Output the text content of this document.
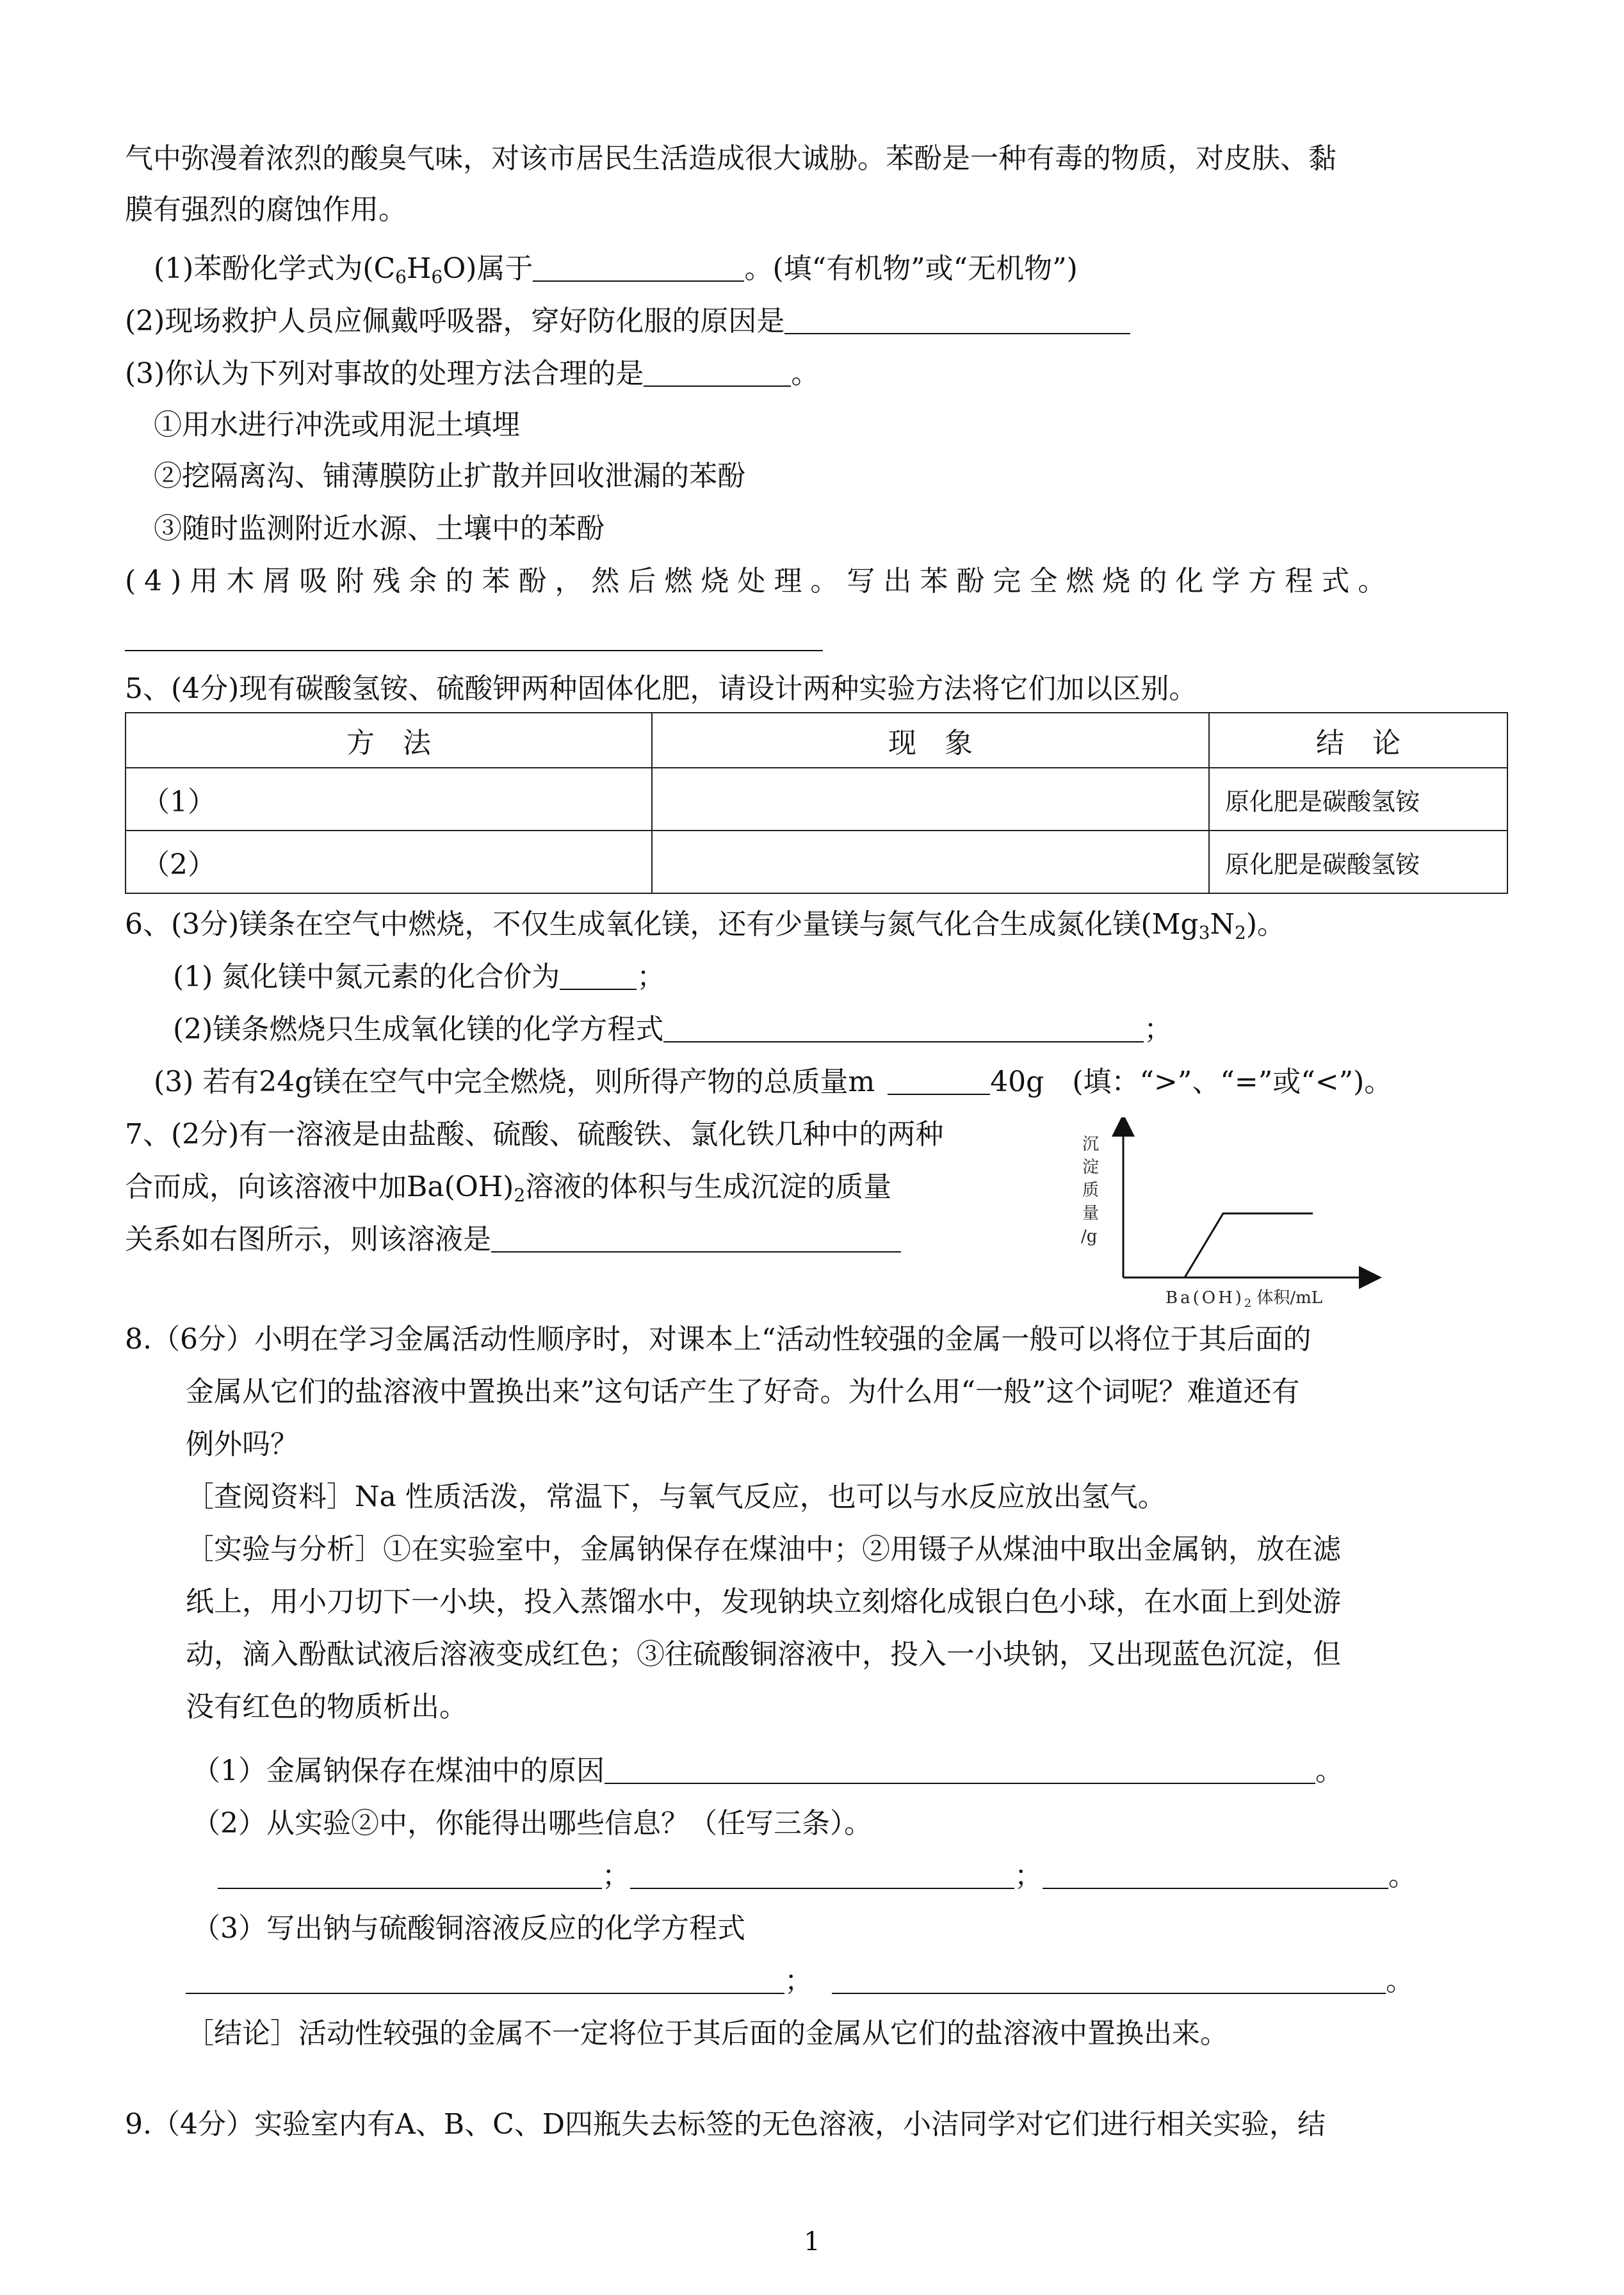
气中弥漫着浓烈的酸臭气味，对该市居民生活造成很大诚胁。苯酚是一种有毒的物质，对皮肤、黏
膜有强烈的腐蚀作用。
(1)苯酚化学式为$(C_6H_6O)$属于	。(填“有机物”或“无机物”)
(2)现场救护人员应佩戴呼吸器，穿好防化服的原因是
(3)你认为下列对事故的处理方法合理的是	。
①用水进行冲洗或用泥土填埋
②挖隔离沟、铺薄膜防止扩散并回收泄漏的苯酚
③随时监测附近水源、土壤中的苯酚
(4)用木屑吸附残余的苯酚，然后燃烧处理。写出苯酚完全燃烧的化学方程式。
5、(4分)现有碳酸氢铵、硫酸钾两种固体化肥，请设计两种实验方法将它们加以区别。
方　法	现　象	结　论
（1）		原化肥是碳酸氢铵
（2）		原化肥是碳酸氢铵
6、(3分)镁条在空气中燃烧，不仅生成氧化镁，还有少量镁与氮气化合生成氮化镁$(Mg_3N_2)$。
(1) 氮化镁中氮元素的化合价为	；
(2)镁条燃烧只生成氧化镁的化学方程式	；
(3) 若有24g镁在空气中完全燃烧，则所得产物的总质量m	40g　(填：“>”、“=”或“<”)。
7、(2分)有一溶液是由盐酸、硫酸、硫酸铁、氯化铁几种中的两种
合而成，向该溶液中加$Ba(OH)_2$溶液的体积与生成沉淀的质量
关系如右图所示，则该溶液是
沉
淀
质
量
/g
$Ba(OH)_2$ 体积/mL
8.（6分）小明在学习金属活动性顺序时，对课本上“活动性较强的金属一般可以将位于其后面的
金属从它们的盐溶液中置换出来”这句话产生了好奇。为什么用“一般”这个词呢？难道还有
例外吗？
［查阅资料］Na 性质活泼，常温下，与氧气反应，也可以与水反应放出氢气。
［实验与分析］①在实验室中，金属钠保存在煤油中；②用镊子从煤油中取出金属钠，放在滤
纸上，用小刀切下一小块，投入蒸馏水中，发现钠块立刻熔化成银白色小球，在水面上到处游
动，滴入酚酞试液后溶液变成红色；③往硫酸铜溶液中，投入一小块钠，又出现蓝色沉淀，但
没有红色的物质析出。
（1）金属钠保存在煤油中的原因	。
（2）从实验②中，你能得出哪些信息？（任写三条）。
；	；	。
（3）写出钠与硫酸铜溶液反应的化学方程式
；	。
［结论］活动性较强的金属不一定将位于其后面的金属从它们的盐溶液中置换出来。
9.（4分）实验室内有A、B、C、D四瓶失去标签的无色溶液，小洁同学对它们进行相关实验，结
1
